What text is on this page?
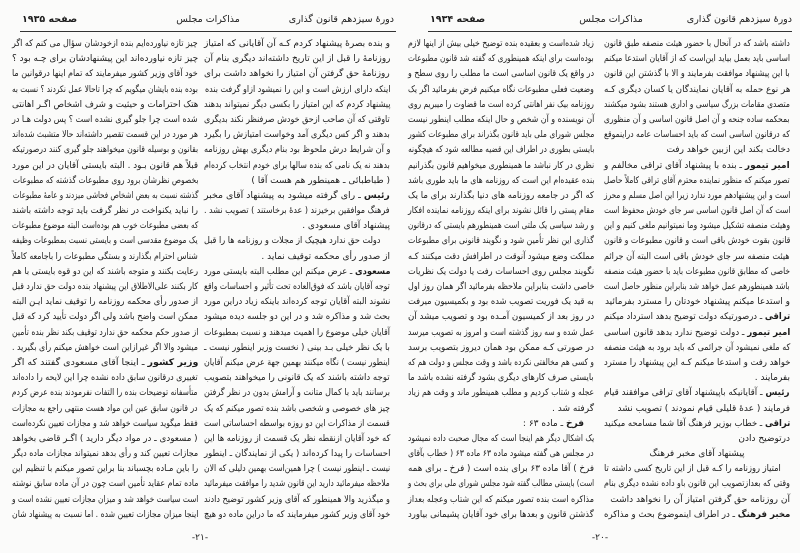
دورهٔ سیزدهم قانون گذاری
مذاکرات مجلس
صفحه ۱۹۳۵
و بنده بصرهٔ پیشنهاد کردم کـه آن آقایانی که امتیاز
روزنامهٔ را قبل از این تاریخ داشته‌اند دیگری بنام آن
روزنامهٔ حق گرفتن آن امتیاز را نخواهد داشت برای
اینکه دارای ارزش است و این را نمیشود ازاو گرفت بنده
پیشنهاد کردم که این امتیاز را بکسی دیگر نمیتواند بدهند
تاوقتی که آن صاحب ازحق خودش صرفنظر نکند بدیگری
بدهند و اگر کس دیگری آمد وخواست امتیازش را بگیرد
و آن شرایط درش ملحوظ بود بنام دیگری بهش روزنامه
بدهند نه یک نامی که بنده سالها برای خودم انتخاب کرده‌ام
( طباطبائی ـ همینطور هم هست آقا )
رئیس ـ رای گرفته میشود به پیشنهاد آقای مخبر
فرهنگ موافقین برخیزند ( عدهٔ برخاستند ) تصویب نشد .
پیشنهاد آقای مسعودی .
دولت حق ندارد هیچیک از مجلات و روزنامه ها را قبل
از صدور رأی محکمه توقیف نماید .
مسعودی ـ عرض میکنم این مطلب البته بایستی مورد
توجه آقایان باشد که فوق‌العاده تحت تأثیر و احساسات واقع
نشوند البته آقایان توجه کرده‌اند باینکه زیاد دراین مورد
بحث شد و مذاکره شد و در این دو جلسه دیده میشود
آقایان خیلی موضوع را اهمیت میدهند و نسبت بمطبوعات
با یک نظر خیلی بـد بینی ( نخست وزیر اینطور نیست ـ
اینطور نیست ) نگاه میکنند بهمین جهة عرض میکنم آقایان
توجه داشته باشند که یک قانونی را میخواهند بتصویب
برسانند باید با کمال متانت و آرامش بدون در نظر گرفتن
چیز های خصوصی و شخصی باشد بنده تصور میکنم که یک
قسمت از مذاکرات این دو روزه بواسطه احساساتی است
که خود آقایان ازنقطه نظر یک قسمت از روزنامه ها این
احساسات را پیدا کرده‌اند ( یکی از نمایندگان ـ اینطور
نیست ـ اینطور نیست ) چرا همین‌است بهمین دلیلی که الان
ملاحظه میفرمائید دارید این قانون شدید را موافقت میفرمائید
و میگذرید والا همینطور که آقای وزیر کشور توضیح دادند
خود آقای وزیر کشور میفرمایند که ما دراین ماده دو هیچ
چیز تازه نیاورده‌ایم بنده ازخودشان سؤال می کنم که اگر
چیز تازه نیاورده‌اند این پیشنهادشان برای چـه بود ؟
خود آقای وزیر کشور میفرمایند که تمام اینها درقوانین ما
بوده بنده بایشان میگویم که چرا تاحالا عمل نکردند ؟ نسبت به
هتک احترامات و حیثیت و شرف اشخاص اگـر اهانتی
شده است چرا جلو گیری نشده است ؟ پس دولت هـا در
هر مورد در این قسمت تقصیر داشته‌اند حالا متشبث شده‌اند
بقانون و بوسیله قانون میخواهند جلو گیری کنند درصورتیکه
قبلاً هم قانون بـود . البته بایستی آقایان در این مورد
بخصوص نظرشان برود روی مطبوعات گذشته که مطبوعات
گذشته نسبت به بعض اشخاص فحاشی میزدند و عامهٔ مطبوعات
را نباید یکنواخت در نظر گرفت باید توجه داشته باشند
که بعضی مطبوعات خوب هم بوده‌است البته موضوع مطبوعات
یک موضوع مقدسی است و بایستی نسبت بمطبوعات وظیفه
شناس احترام بگذارند و بستگی مطبوعات را باجامعه کاملاً
رعایت بکنند و متوجه باشند که این دو قوه بایستی با هم
کار بکنند علی‌الاطلاق این پیشنهاد بنده دولت حق ندارد قبل
از صدور رأی محکمه روزنامه را توقیف نماید ایـن البته
ممکن است واضح باشد ولی اگر دولت تأیید کرد که قبل
از صدور حکم محکمه حق ندارد توقیف بکند نظر بنده تأمین
میشود والا اگر غیرازاین است خواهش میکنم رأی بگیرید .
وزیر کشور ـ اینجا آقای مسعودی گفتند که اگر
تغییری درقانون سابق داده نشده چرا این لایحه را داده‌اند
متأسفانه توضیحات بنده را التفات نفرمودند بنده عرض کردم
در قانون سابق عین این مواد هست منتهی راجع به مجازات
فقط میگوید سیاست خواهد شد و مجازات تعیین نکرده‌است
( مسعودی ـ در مواد دیگر دارید ) اگـر قاضی بخواهد
مجازات تعیین کند و رأی بدهد نمیتواند مجازات ماده دیگر
را باین مـاده بچسباند بنا براین تصور میکنم با تنظیم این
ماده تمام عقاید تأمین است چون در آن ماده سابق نوشته
است سیاست خواهد شد و میزان مجازات تعیین نشده است و
اینجا میزان مجازات تعیین شده . اما نسبت به پیشنهاد شان
-۲۱-
دورهٔ سیزدهم قانون گذاری
مذاکرات مجلس
صفحه ۱۹۳۴
داشته باشد که در آنحال با حضور هیئت منصفه طبق قانون
اساسی باید بعمل بیاید این‌است که از آقایان استدعا میکنم
با این پیشنهاد موافقت بفرمایند و الا با گذشتن این قانون
هر نوع حمله به آقایان نمایندگان یا کسان دیگری کـه
متصدی مقامات بزرگ سیاسی و اداری هستند بشود میکشند
بمحکمه ساده جنحه و آن اصل قانون اساسی و آن منظوری
که درقانون اساسی است که باید احساسات عامه دراینموقع
دخالت بکند این ازبین خواهد رفت
امیر تیمور ـ بنده با پیشنهاد آقای تراقی مخالفم و
تصور میکنم که منظور نماینده محترم آقای تراقی کاملاً حاصل
است و این پیشنهادهم مورد ندارد زیرا این اصل مسلم و محرز
است که آن اصل قانون اساسی سر جای خودش محفوظ است
وهیئت منصفه تشکیل میشود وما نمیتوانیم ملغی کنیم و این
قانون بقوت خودش باقی است و قانون مطبوعات و قانون
هیئت منصفه سر جای خودش باقی است البته آن جرائم
خاصی که مطابق قانون مطبوعات باید با حضور هیئت منصفه
باشد همینطورهم عمل خواهد شد بنابراین منظور حاصل است
و استدعا میکنم پیشنهاد خودتان را مسترد بفرمائید
تراقی ـ درصورتیکه دولت توضیح بدهد استرداد میکنم
امیر تیمور ـ دولت توضیح ندارد بدهد قانون اساسی
که ملغی نمیشود آن جرائمی که باید برود به هیئت منصفه
خواهد رفت و استدعا میکنم کـه این پیشنهاد را مسترد
بفرمایند .
رئیس ـ آقایانیکه باپیشنهاد آقای تراقی موافقند قیام
فرمایند ( عدهٔ قلیلی قیام نمودند ) تصویب نشد
تراقی ـ خطاب بوزیر فرهنگ آقا شما مسامحه میکنید
درتوضیح دادن
پیشنهاد آقای مخبر فرهنگ
امتیاز روزنامه را کـه قبل از این تاریخ کسی داشته تا
وقتی که بعدازتصویب این قانون باو داده نشده دیگری بنام
آن روزنامه حق گرفتن امتیاز آن را نخواهد داشت
مخبر فرهنگ ـ در اطراف اینموضوع بحث و مذاکره
زیاد شده‌است و بعقیده بنده توضیح خیلی بیش از اینها لازم
بوده‌است برای اینکه همینطوری که گفته شد قانون مطبوعات
در واقع یک قانون اساسی است ما مطلب را روی سطح و
وضعیت فعلی مطبوعات نگاه میکنیم فرض بفرمائید اگر یک
روزنامه بیک نفر اهانتی کرده است ما قضاوت را میبریم روی
آن نویسنده و آن شخص و حال اینکه مطلب اینطور نیست
مجلس شورای ملی باید قانون بگذراند برای مطبوعات کشور
بایستی بطوری در اطراف این قضیه مطالعه شود که هیچگونه
نظری در کار نباشد ما همینطوری میخواهیم قانون بگذرانیم
بنده عقیده‌ام این است که روزنامه های ما باید طوری باشد
که اگر در جامعه روزنامه های دنیا بگذارند برای ما یک
مقام پستی را قائل نشوند برای اینکه روزنامه نماینده افکار
و رشد سیاسی یک ملتی است همینطورهم بایستی که درقانون
گذاری این نظر تأمین شود و نگویند قانونی برای مطبوعات
مملکت وضع میشود آنوقت در اطرافش دقت میکنند کـه
نگویند مجلس روی احساسات رفت یا دولت یک نظریات
خاصی داشت بنابراین ملاحظه بفرمائید اگر همان روز اول
به قید یک فوریت تصویب شده بود و بکمیسیون میرفت
در روز بعد از کمیسیون آمـده بود و تصویب میشد آن
عمل شده و سه روز گذشته است و امروز به تصویب میرسد
در صورتی کـه ممکن بود همان دیروز بتصویب برسد
و کسی هم مخالفتی نکرده باشد و وقت مجلس و دولت هم که
بایستی صرف کارهای دیگری بشود گرفته نشده باشد ما
عجله و شتاب کردیم و مطلب همینطور ماند و وقت هم زیاد
گرفته شد .
فرخ ـ ماده ۶۳ :
یک اشکال دیگر هم اینجا است که مجال صحبت داده نمیشود
در مجلس هی گفته میشود ماده ۶۳ ماده ۶۳ ( خطاب بآقای
فرخ ) آقا ماده ۶۳ برای بنده است ( فرخ ـ برای همه
است) بایستی مطالب گفته شود مجلس شورای ملی برای بحث و
مذاکره است بنده تصور میکنم که این شتاب وعجله بعداز
گذشتن قانون و بعدها برای خود آقایان پشیمانی بیاورد
-۲۰-
